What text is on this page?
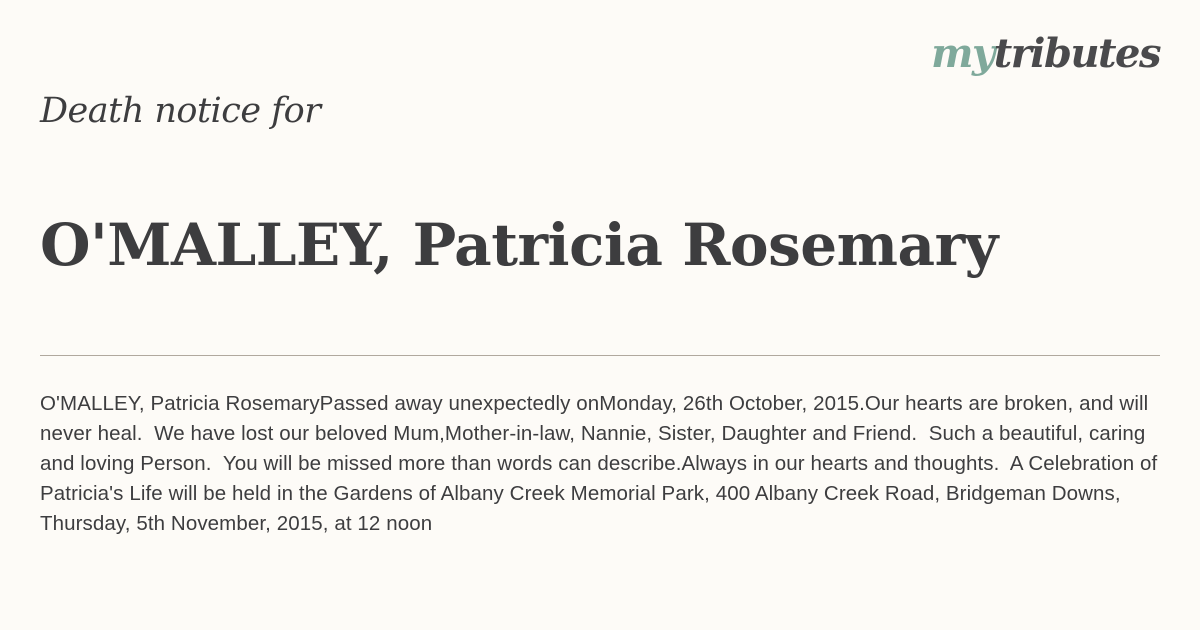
mytributes
Death notice for
O'MALLEY, Patricia Rosemary
O'MALLEY, Patricia RosemaryPassed away unexpectedly onMonday, 26th October, 2015.Our hearts are broken, and will never heal.  We have lost our beloved Mum,Mother-in-law, Nannie, Sister, Daughter and Friend.  Such a beautiful, caring and loving Person.  You will be missed more than words can describe.Always in our hearts and thoughts.  A Celebration of Patricia's Life will be held in the Gardens of Albany Creek Memorial Park, 400 Albany Creek Road, Bridgeman Downs, Thursday, 5th November, 2015, at 12 noon
